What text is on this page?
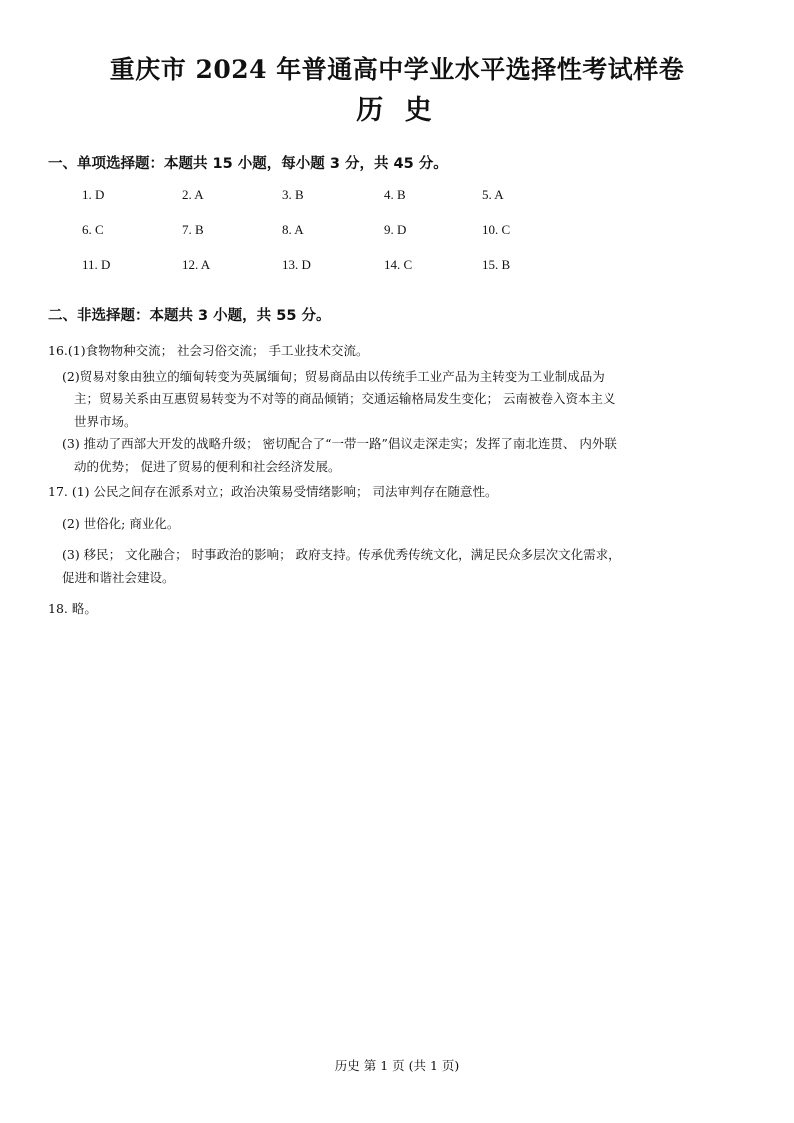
重庆市 2024 年普通高中学业水平选择性考试样卷
历 史
一、单项选择题：本题共 15 小题，每小题 3 分，共 45 分。
1. D	2. A	3. B	4. B	5. A
6. C	7. B	8. A	9. D	10. C
11. D	12. A	13. D	14. C	15. B
二、非选择题：本题共 3 小题，共 55 分。
16.(1)食物物种交流； 社会习俗交流； 手工业技术交流。
(2)贸易对象由独立的缅甸转变为英属缅甸；贸易商品由以传统手工业产品为主转变为工业制成品为
主；贸易关系由互惠贸易转变为不对等的商品倾销；交通运输格局发生变化； 云南被卷入资本主义
世界市场。
(3) 推动了西部大开发的战略升级； 密切配合了“一带一路”倡议走深走实；发挥了南北连贯、 内外联
动的优势； 促进了贸易的便利和社会经济发展。
17. (1) 公民之间存在派系对立；政治决策易受情绪影响； 司法审判存在随意性。
(2) 世俗化; 商业化。
(3) 移民； 文化融合； 时事政治的影响； 政府支持。传承优秀传统文化，满足民众多层次文化需求，
促进和谐社会建设。
18. 略。
历史 第 1 页 (共 1 页)
